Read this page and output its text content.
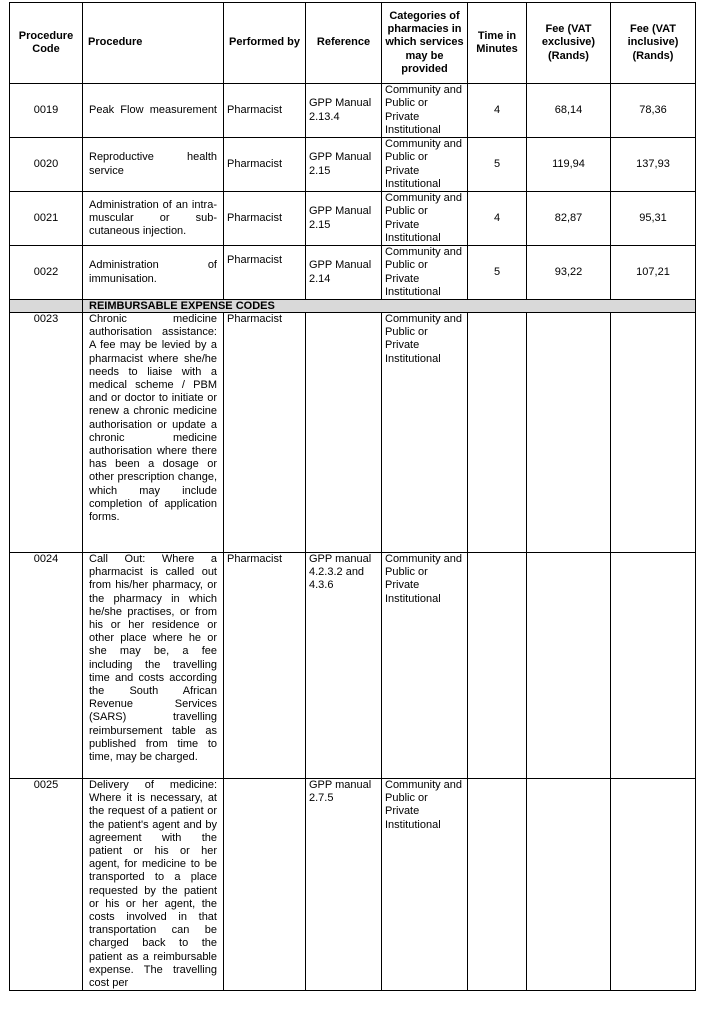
Procedure Code	Procedure	Performed by	Reference	Categories of pharmacies in which services may be provided	Time in Minutes	Fee (VAT exclusive) (Rands)	Fee (VAT inclusive) (Rands)
0019	Peak Flow measurement	Pharmacist	GPP Manual 2.13.4	Community and Public or Private Institutional	4	68,14	78,36
0020	Reproductive health service	Pharmacist	GPP Manual 2.15	Community and Public or Private Institutional	5	119,94	137,93
0021	Administration of an intra-muscular or sub-cutaneous injection.	Pharmacist	GPP Manual 2.15	Community and Public or Private Institutional	4	82,87	95,31
0022	Administration of immunisation.	Pharmacist	GPP Manual 2.14	Community and Public or Private Institutional	5	93,22	107,21
	REIMBURSABLE EXPENSE CODES						
0023	Chronic medicine authorisation assistance: A fee may be levied by a pharmacist where she/he needs to liaise with a medical scheme / PBM and or doctor to initiate or renew a chronic medicine authorisation or update a chronic medicine authorisation where there has been a dosage or other prescription change, which may include completion of application forms.	Pharmacist		Community and Public or Private Institutional			
0024	Call Out: Where a pharmacist is called out from his/her pharmacy, or the pharmacy in which he/she practises, or from his or her residence or other place where he or she may be, a fee including the travelling time and costs according the South African Revenue Services (SARS) travelling reimbursement table as published from time to time, may be charged.	Pharmacist	GPP manual 4.2.3.2 and 4.3.6	Community and Public or Private Institutional			
0025	Delivery of medicine: Where it is necessary, at the request of a patient or the patient's agent and by agreement with the patient or his or her agent, for medicine to be transported to a place requested by the patient or his or her agent, the costs involved in that transportation can be charged back to the patient as a reimbursable expense. The travelling cost per		GPP manual 2.7.5	Community and Public or Private Institutional			
